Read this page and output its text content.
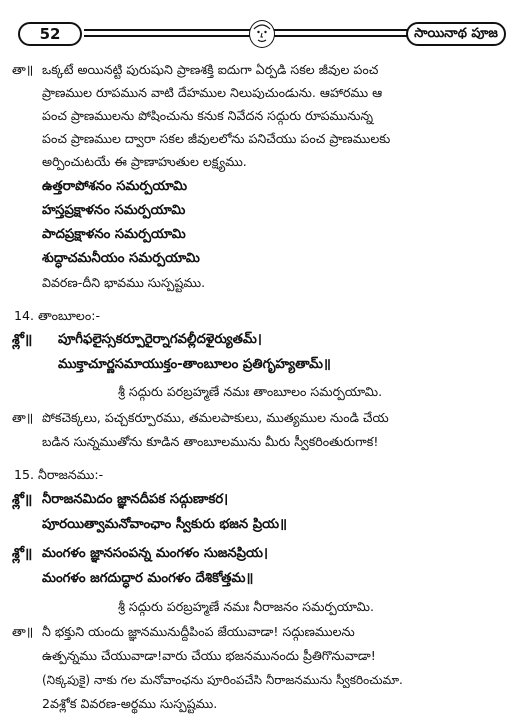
52	సాయినాథ పూజ
తా॥ ఒక్కటే అయినట్టి పురుషుని ప్రాణశక్తి ఐదుగా ఏర్పడి సకల జీవుల పంచ
ప్రాణముల రూపమున వాటి దేహముల నిలుపుచుండును. ఆహారము ఆ
పంచ ప్రాణములను పోషించును కనుక నివేదన సద్గురు రూపమునున్న
పంచ ప్రాణముల ద్వారా సకల జీవులలోను పనిచేయు పంచ ప్రాణములకు
అర్పించుటయే ఈ ప్రాణాహుతుల లక్ష్యము.
ఉత్తరాపోశనం సమర్పయామి
హస్తప్రక్షాళనం సమర్పయామి
పాదప్రక్షాళనం సమర్పయామి
శుద్ధాచమనీయం సమర్పయామి
వివరణ-దీని భావము సుస్పష్టము.
14. తాంబూలం:-
శ్లో॥ పూగీఫలైస్సకర్పూరైర్నాగవల్లీదళైర్యుతమ్।
ముక్తాచూర్ణసమాయుక్తం-తాంబూలం ప్రతిగృహ్యతామ్॥
శ్రీ సద్గురు పరబ్రహ్మణే నమః తాంబూలం సమర్పయామి.
తా॥ పోకచెక్కలు, పచ్చకర్పూరము, తమలపాకులు, ముత్యముల నుండి చేయ
బడిన సున్నముతోను కూడిన తాంబూలమును మీరు స్వీకరింతురుగాక!
15. నీరాజనము:-
శ్లో॥ నీరాజనమిదం జ్ఞానదీపక సద్గుణాకర।
పూరయిత్వామనోవాంఛాం స్వీకురు భజన ప్రియ॥
శ్లో॥ మంగళం జ్ఞానసంపన్న మంగళం సుజనప్రియ।
మంగళం జగదుద్ధార మంగళం దేశికోత్తమ॥
శ్రీ సద్గురు పరబ్రహ్మణే నమః నీరాజనం సమర్పయామి.
తా॥ నీ భక్తుని యందు జ్ఞానమునుద్దీపింప జేయువాడా! సద్గుణములను
ఉత్పన్నము చేయువాడా!వారు చేయు భజనమునందు ప్రీతిగొనువాడా!
(నిక్కపుకై) నాకు గల మనోవాంఛను పూరింపచేసి నీరాజనమును స్వీకరించుమా.
2వశ్లోక వివరణ-అర్థము సుస్పష్టము.
